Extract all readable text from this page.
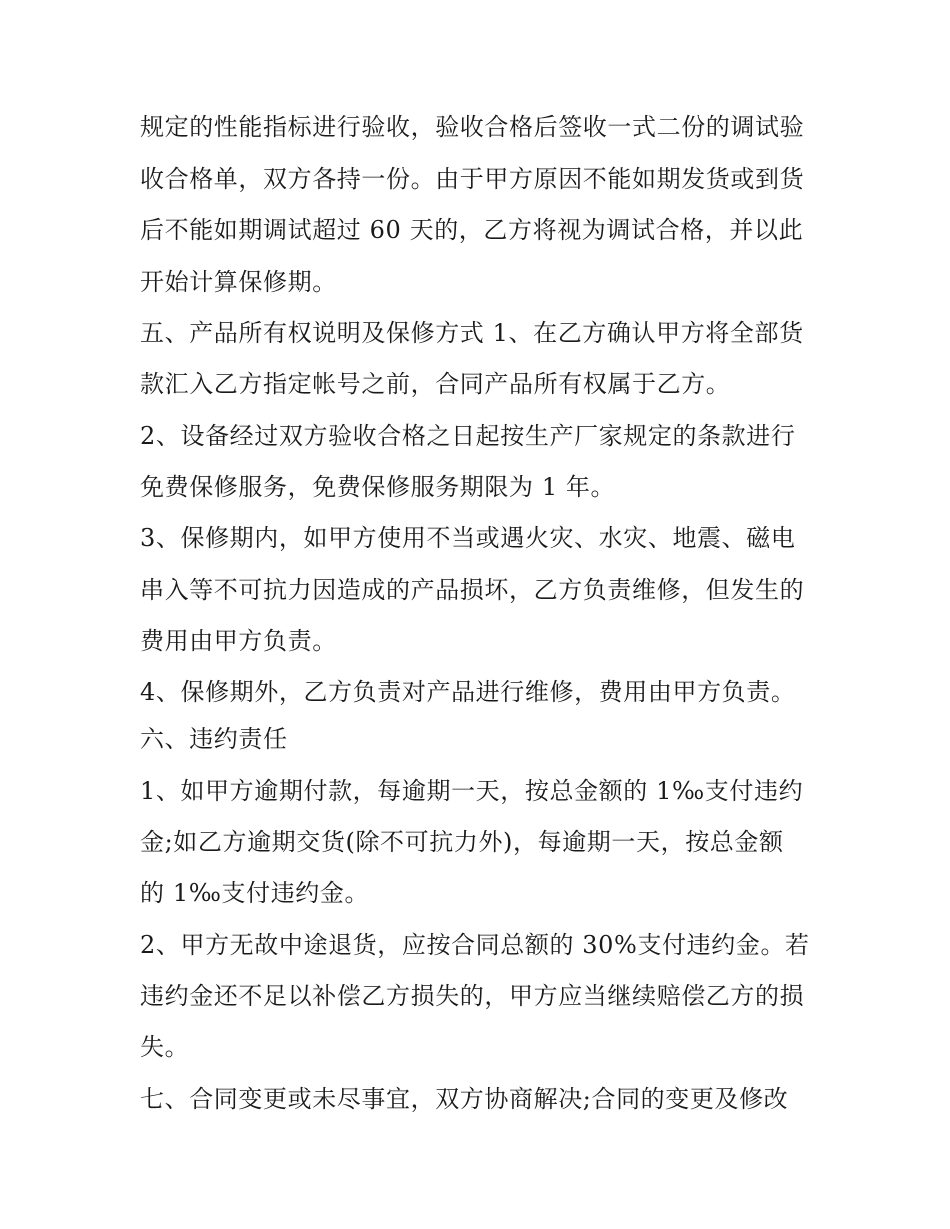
规定的性能指标进行验收，验收合格后签收一式二份的调试验
收合格单，双方各持一份。由于甲方原因不能如期发货或到货
后不能如期调试超过 60 天的，乙方将视为调试合格，并以此
开始计算保修期。
五、产品所有权说明及保修方式 1、在乙方确认甲方将全部货
款汇入乙方指定帐号之前，合同产品所有权属于乙方。
2、设备经过双方验收合格之日起按生产厂家规定的条款进行
免费保修服务，免费保修服务期限为 1 年。
3、保修期内，如甲方使用不当或遇火灾、水灾、地震、磁电
串入等不可抗力因造成的产品损坏，乙方负责维修，但发生的
费用由甲方负责。
4、保修期外，乙方负责对产品进行维修，费用由甲方负责。
六、违约责任
1、如甲方逾期付款，每逾期一天，按总金额的 1‰支付违约
金;如乙方逾期交货(除不可抗力外)，每逾期一天，按总金额
的 1‰支付违约金。
2、甲方无故中途退货，应按合同总额的 30%支付违约金。若
违约金还不足以补偿乙方损失的，甲方应当继续赔偿乙方的损
失。
七、合同变更或未尽事宜，双方协商解决;合同的变更及修改
